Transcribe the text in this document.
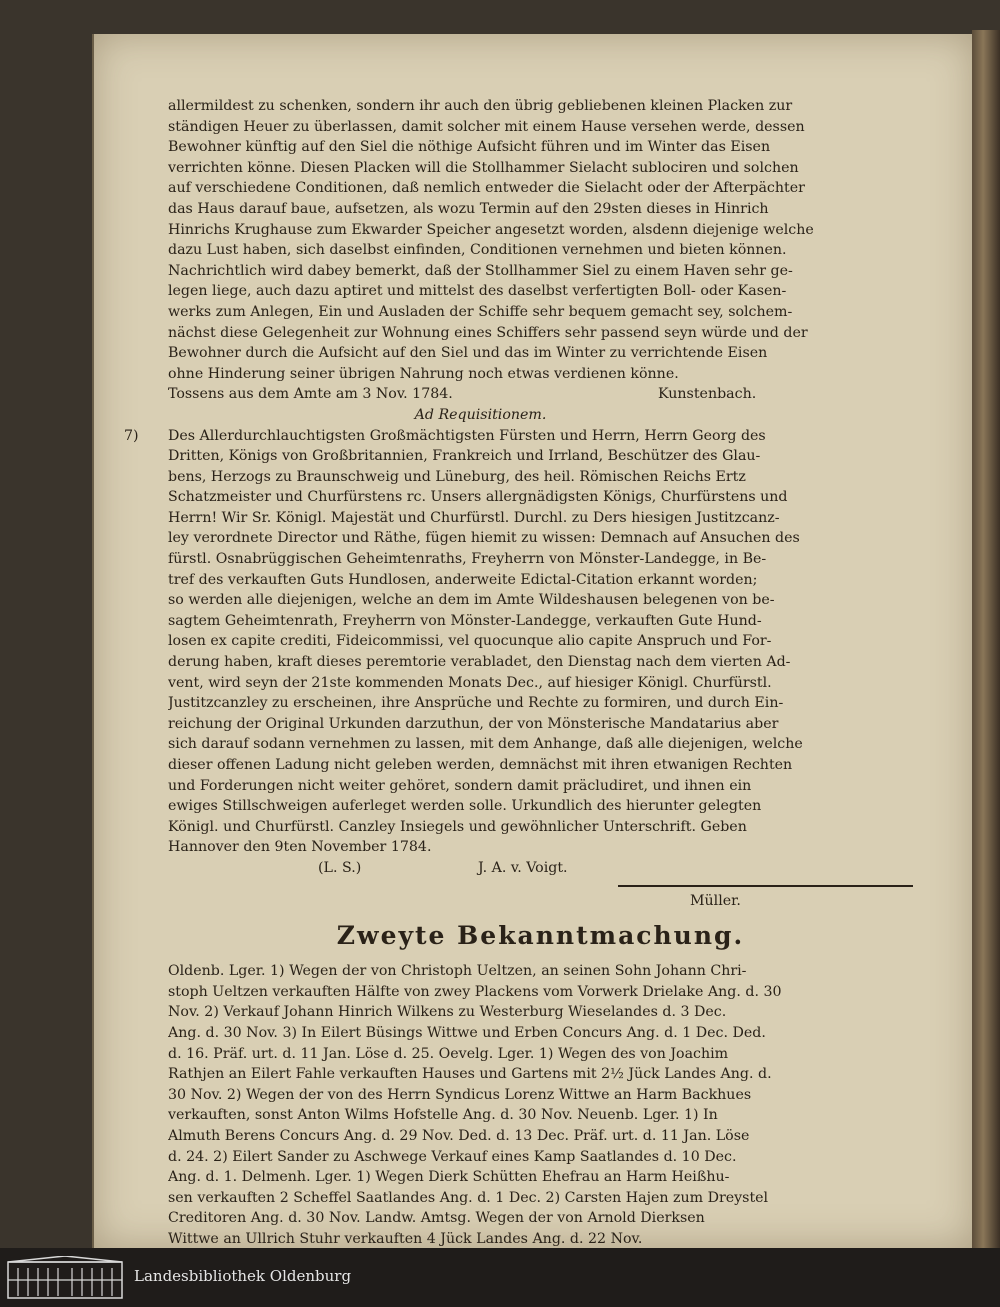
allermildest zu schenken, sondern ihr auch den übrig gebliebenen kleinen Placken zur
ständigen Heuer zu überlassen, damit solcher mit einem Hause versehen werde, dessen
Bewohner künftig auf den Siel die nöthige Aufsicht führen und im Winter das Eisen
verrichten könne. Diesen Placken will die Stollhammer Sielacht sublociren und solchen
auf verschiedene Conditionen, daß nemlich entweder die Sielacht oder der Afterpächter
das Haus darauf baue, aufsetzen, als wozu Termin auf den 29sten dieses in Hinrich
Hinrichs Krughause zum Ekwarder Speicher angesetzt worden, alsdenn diejenige welche
dazu Lust haben, sich daselbst einfinden, Conditionen vernehmen und bieten können.
Nachrichtlich wird dabey bemerkt, daß der Stollhammer Siel zu einem Haven sehr ge-
legen liege, auch dazu aptiret und mittelst des daselbst verfertigten Boll- oder Kasen-
werks zum Anlegen, Ein und Ausladen der Schiffe sehr bequem gemacht sey, solchem-
nächst diese Gelegenheit zur Wohnung eines Schiffers sehr passend seyn würde und der
Bewohner durch die Aufsicht auf den Siel und das im Winter zu verrichtende Eisen
ohne Hinderung seiner übrigen Nahrung noch etwas verdienen könne.
Tossens aus dem Amte am 3 Nov. 1784.	Kunstenbach.
Ad Requisitionem.
7) Des Allerdurchlauchtigsten Großmächtigsten Fürsten und Herrn, Herrn Georg des
Dritten, Königs von Großbritannien, Frankreich und Irrland, Beschützer des Glau-
bens, Herzogs zu Braunschweig und Lüneburg, des heil. Römischen Reichs Ertz
Schatzmeister und Churfürstens rc. Unsers allergnädigsten Königs, Churfürstens und
Herrn! Wir Sr. Königl. Majestät und Churfürstl. Durchl. zu Ders hiesigen Justitzcanz-
ley verordnete Director und Räthe, fügen hiemit zu wissen: Demnach auf Ansuchen des
fürstl. Osnabrüggischen Geheimtenraths, Freyherrn von Mönster-Landegge, in Be-
tref des verkauften Guts Hundlosen, anderweite Edictal-Citation erkannt worden;
so werden alle diejenigen, welche an dem im Amte Wildeshausen belegenen von be-
sagtem Geheimtenrath, Freyherrn von Mönster-Landegge, verkauften Gute Hund-
losen ex capite crediti, Fideicommissi, vel quocunque alio capite Anspruch und For-
derung haben, kraft dieses peremtorie verabladet, den Dienstag nach dem vierten Ad-
vent, wird seyn der 21ste kommenden Monats Dec., auf hiesiger Königl. Churfürstl.
Justitzcanzley zu erscheinen, ihre Ansprüche und Rechte zu formiren, und durch Ein-
reichung der Original Urkunden darzuthun, der von Mönsterische Mandatarius aber
sich darauf sodann vernehmen zu lassen, mit dem Anhange, daß alle diejenigen, welche
dieser offenen Ladung nicht geleben werden, demnächst mit ihren etwanigen Rechten
und Forderungen nicht weiter gehöret, sondern damit präcludiret, und ihnen ein
ewiges Stillschweigen auferleget werden solle. Urkundlich des hierunter gelegten
Königl. und Churfürstl. Canzley Insiegels und gewöhnlicher Unterschrift. Geben
Hannover den 9ten November 1784.
(L. S.)	J. A. v. Voigt.
Müller.
Zweyte Bekanntmachung.
Oldenb. Lger. 1) Wegen der von Christoph Ueltzen, an seinen Sohn Johann Chri-
stoph Ueltzen verkauften Hälfte von zwey Plackens vom Vorwerk Drielake Ang. d. 30
Nov. 2) Verkauf Johann Hinrich Wilkens zu Westerburg Wieselandes d. 3 Dec.
Ang. d. 30 Nov. 3) In Eilert Büsings Wittwe und Erben Concurs Ang. d. 1 Dec. Ded.
d. 16. Präf. urt. d. 11 Jan. Löse d. 25. Oevelg. Lger. 1) Wegen des von Joachim
Rathjen an Eilert Fahle verkauften Hauses und Gartens mit 2½ Jück Landes Ang. d.
30 Nov. 2) Wegen der von des Herrn Syndicus Lorenz Wittwe an Harm Backhues
verkauften, sonst Anton Wilms Hofstelle Ang. d. 30 Nov. Neuenb. Lger. 1) In
Almuth Berens Concurs Ang. d. 29 Nov. Ded. d. 13 Dec. Präf. urt. d. 11 Jan. Löse
d. 24. 2) Eilert Sander zu Aschwege Verkauf eines Kamp Saatlandes d. 10 Dec.
Ang. d. 1. Delmenh. Lger. 1) Wegen Dierk Schütten Ehefrau an Harm Heißhu-
sen verkauften 2 Scheffel Saatlandes Ang. d. 1 Dec. 2) Carsten Hajen zum Dreystel
Creditoren Ang. d. 30 Nov. Landw. Amtsg. Wegen der von Arnold Dierksen
Wittwe an Ullrich Stuhr verkauften 4 Jück Landes Ang. d. 22 Nov.
Landesbibliothek Oldenburg
